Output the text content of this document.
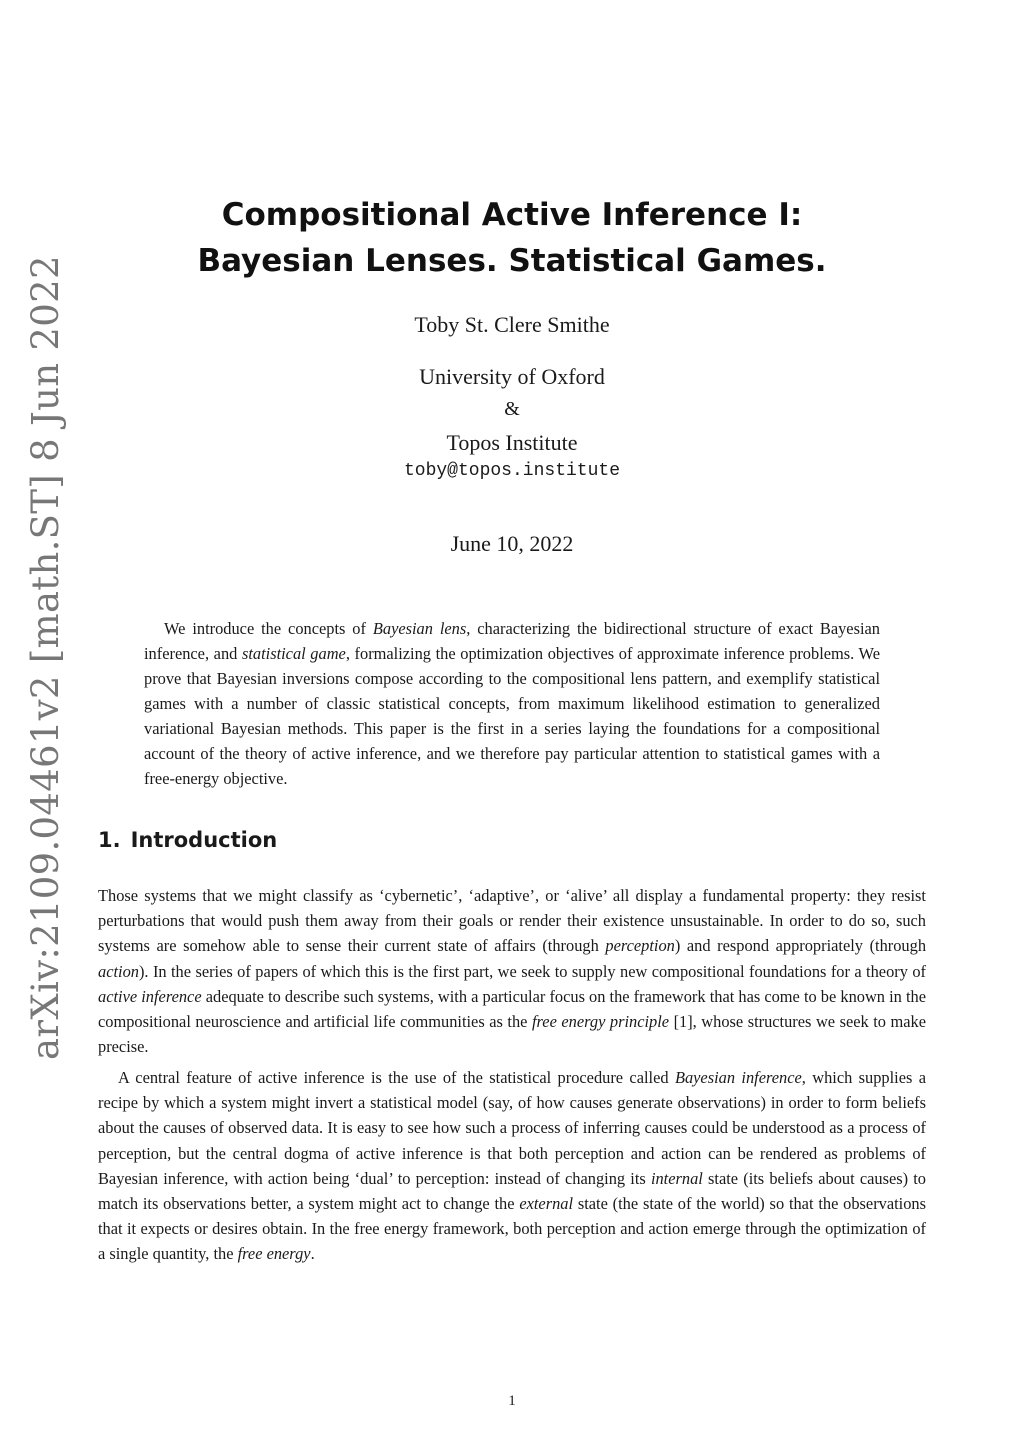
arXiv:2109.04461v2 [math.ST] 8 Jun 2022
Compositional Active Inference I:
Bayesian Lenses. Statistical Games.

Toby St. Clere Smithe

University of Oxford

&

Topos Institute

toby@topos.institute

June 10, 2022

We introduce the concepts of Bayesian lens, characterizing the bidirectional structure of exact Bayesian inference, and statistical game, formalizing the optimization objectives of approximate inference problems. We prove that Bayesian inversions compose according to the compositional lens pattern, and exemplify statistical games with a number of classic statistical concepts, from maximum likelihood estimation to generalized variational Bayesian methods. This paper is the first in a series laying the foundations for a compositional account of the theory of active inference, and we therefore pay particular attention to statistical games with a free-energy objective.

1. Introduction

Those systems that we might classify as ‘cybernetic’, ‘adaptive’, or ‘alive’ all display a fundamental property: they resist perturbations that would push them away from their goals or render their existence unsustainable. In order to do so, such systems are somehow able to sense their current state of affairs (through perception) and respond appropriately (through action). In the series of papers of which this is the first part, we seek to supply new compositional foundations for a theory of active inference adequate to describe such systems, with a particular focus on the framework that has come to be known in the compositional neuroscience and artificial life communities as the free energy principle [1], whose structures we seek to make precise.

A central feature of active inference is the use of the statistical procedure called Bayesian inference, which supplies a recipe by which a system might invert a statistical model (say, of how causes generate observations) in order to form beliefs about the causes of observed data. It is easy to see how such a process of inferring causes could be understood as a process of perception, but the central dogma of active inference is that both perception and action can be rendered as problems of Bayesian inference, with action being ‘dual’ to perception: instead of changing its internal state (its beliefs about causes) to match its observations better, a system might act to change the external state (the state of the world) so that the observations that it expects or desires obtain. In the free energy framework, both perception and action emerge through the optimization of a single quantity, the free energy.

1
